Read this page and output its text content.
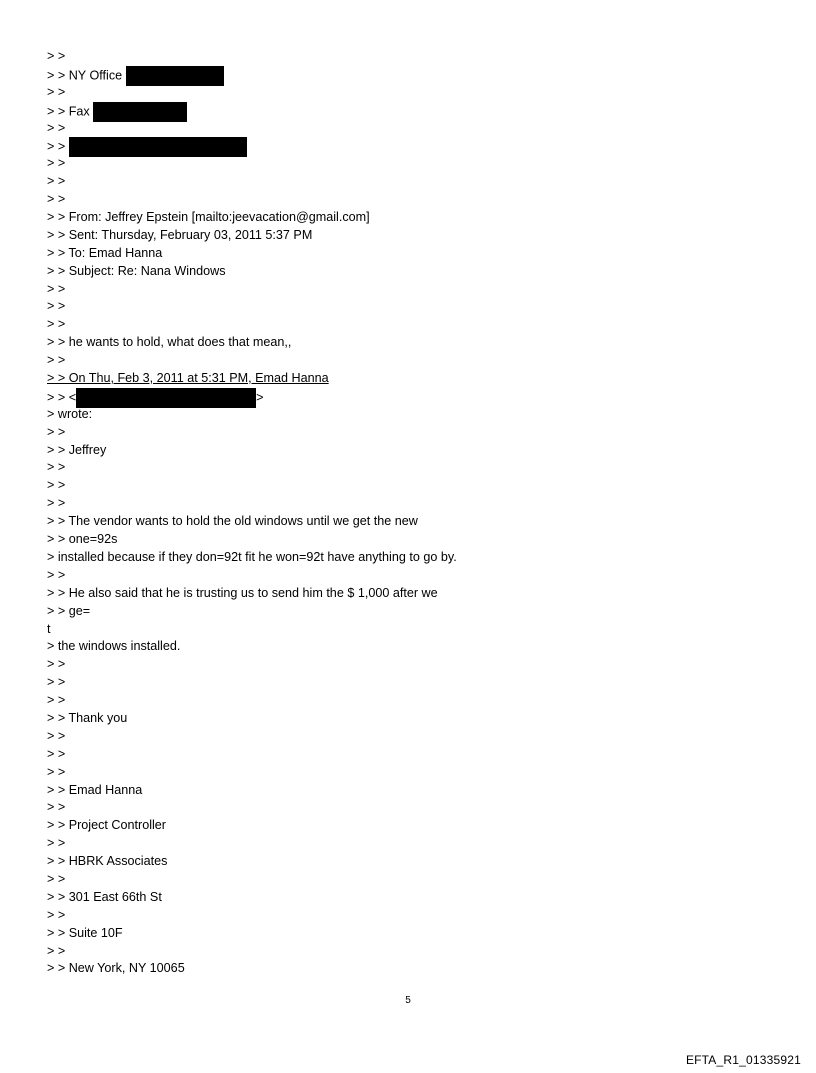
> >
> > NY Office
> >
> > Fax
> >
> >
> >
> >
> >
> > From: Jeffrey Epstein [mailto:jeevacation@gmail.com]
> > Sent: Thursday, February 03, 2011 5:37 PM
> > To: Emad Hanna
> > Subject: Re: Nana Windows
> >
> >
> >
> > he wants to hold, what does that mean,,
> >
> > On Thu, Feb 3, 2011 at 5:31 PM, Emad Hanna
> > <	>
> wrote:
> >
> > Jeffrey
> >
> >
> >
> > The vendor wants to hold the old windows until we get the new
> > one=92s
> installed because if they don=92t fit he won=92t have anything to go by.
> >
> > He also said that he is trusting us to send him the $ 1,000 after we
> > ge=
t
> the windows installed.
> >
> >
> >
> > Thank you
> >
> >
> >
> > Emad Hanna
> >
> > Project Controller
> >
> > HBRK Associates
> >
> > 301 East 66th St
> >
> > Suite 10F
> >
> > New York, NY 10065
5
EFTA_R1_01335921
